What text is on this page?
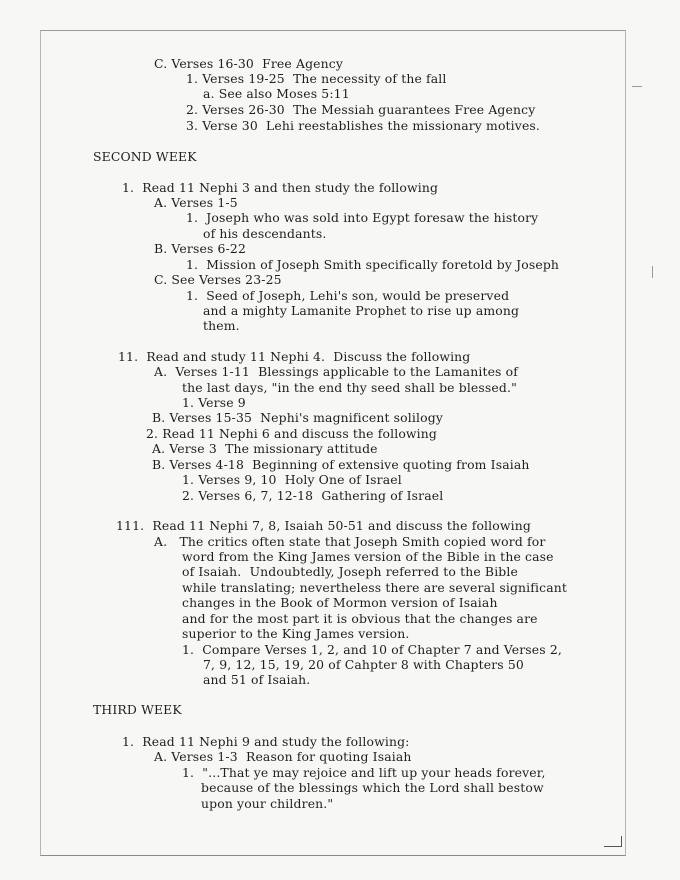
C. Verses 16-30  Free Agency
1. Verses 19-25  The necessity of the fall
a. See also Moses 5:11
2. Verses 26-30  The Messiah guarantees Free Agency
3. Verse 30  Lehi reestablishes the missionary motives.
SECOND WEEK
1.  Read 11 Nephi 3 and then study the following
A. Verses 1-5
1.  Joseph who was sold into Egypt foresaw the history
of his descendants.
B. Verses 6-22
1.  Mission of Joseph Smith specifically foretold by Joseph
C. See Verses 23-25
1.  Seed of Joseph, Lehi's son, would be preserved
and a mighty Lamanite Prophet to rise up among
them.
11.  Read and study 11 Nephi 4.  Discuss the following
A.  Verses 1-11  Blessings applicable to the Lamanites of
the last days, "in the end thy seed shall be blessed."
1. Verse 9
B. Verses 15-35  Nephi's magnificent solilogy
2. Read 11 Nephi 6 and discuss the following
A. Verse 3  The missionary attitude
B. Verses 4-18  Beginning of extensive quoting from Isaiah
1. Verses 9, 10  Holy One of Israel
2. Verses 6, 7, 12-18  Gathering of Israel
111.  Read 11 Nephi 7, 8, Isaiah 50-51 and discuss the following
A.   The critics often state that Joseph Smith copied word for
word from the King James version of the Bible in the case
of Isaiah.  Undoubtedly, Joseph referred to the Bible
while translating; nevertheless there are several significant
changes in the Book of Mormon version of Isaiah
and for the most part it is obvious that the changes are
superior to the King James version.
1.  Compare Verses 1, 2, and 10 of Chapter 7 and Verses 2,
7, 9, 12, 15, 19, 20 of Cahpter 8 with Chapters 50
and 51 of Isaiah.
THIRD WEEK
1.  Read 11 Nephi 9 and study the following:
A. Verses 1-3  Reason for quoting Isaiah
1.  "...That ye may rejoice and lift up your heads forever,
because of the blessings which the Lord shall bestow
upon your children."
